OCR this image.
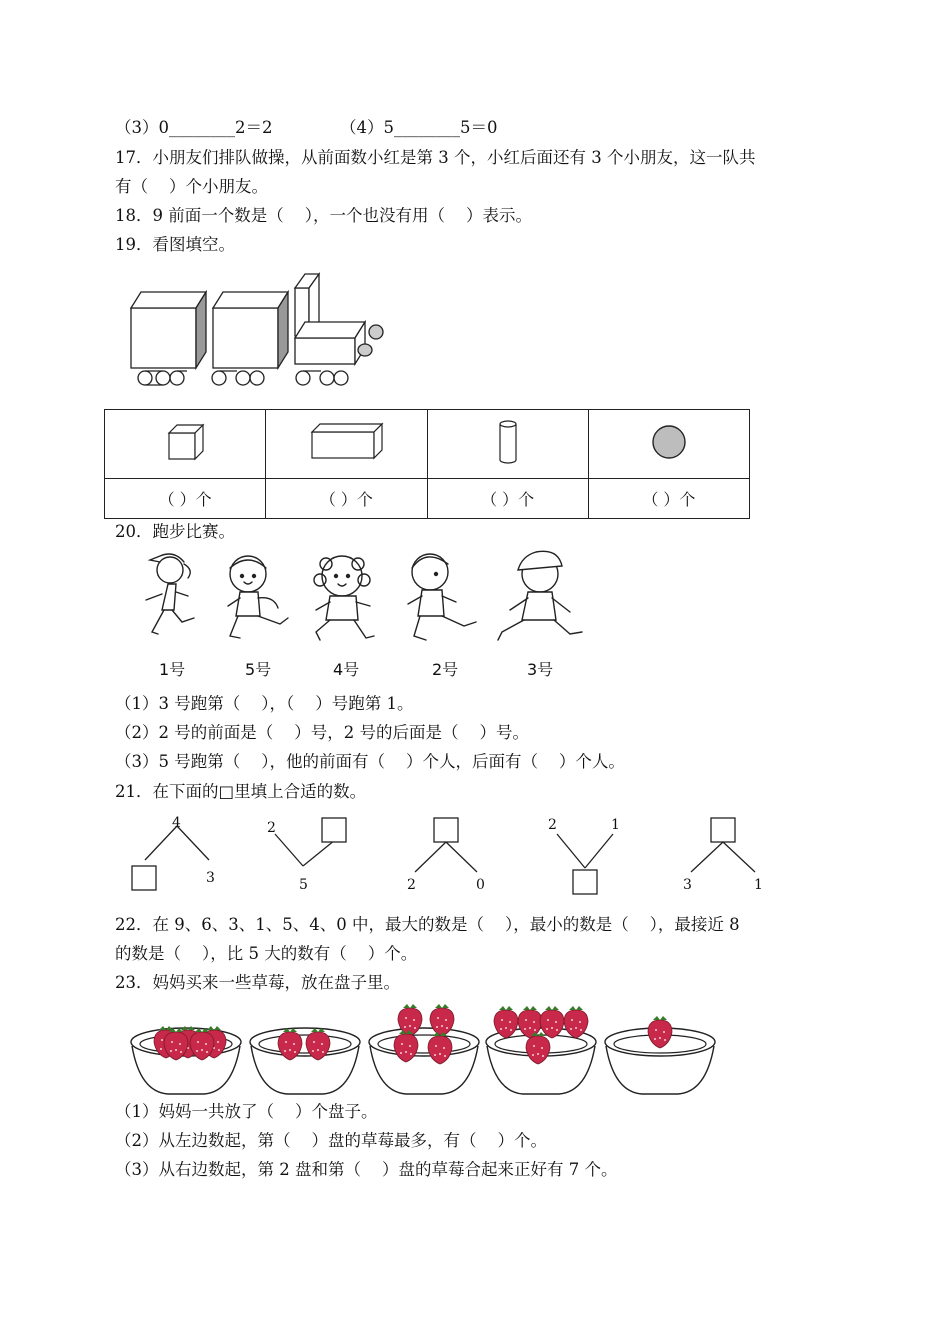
（3）0________2＝2	（4）5________5＝0
17．小朋友们排队做操，从前面数小红是第 3 个，小红后面还有 3 个小朋友，这一队共
有（    ）个小朋友。
18．9 前面一个数是（    ），一个也没有用（    ）表示。
19．看图填空。

（ ）个	（ ）个	（ ）个	（ ）个
20．跑步比赛。
1号	5号	4号	2号	3号
（1）3 号跑第（    ），（    ）号跑第 1。
（2）2 号的前面是（    ）号，2 号的后面是（    ）号。
（3）5 号跑第（    ），他的前面有（    ）个人，后面有（    ）个人。
21．在下面的□里填上合适的数。
4
3
2
5	2	0
2	1
3	1
22．在 9、6、3、1、5、4、0 中，最大的数是（    ），最小的数是（    ），最接近 8
的数是（    ），比 5 大的数有（    ）个。
23．妈妈买来一些草莓，放在盘子里。
（1）妈妈一共放了（    ）个盘子。
（2）从左边数起，第（    ）盘的草莓最多，有（    ）个。
（3）从右边数起，第 2 盘和第（    ）盘的草莓合起来正好有 7 个。
